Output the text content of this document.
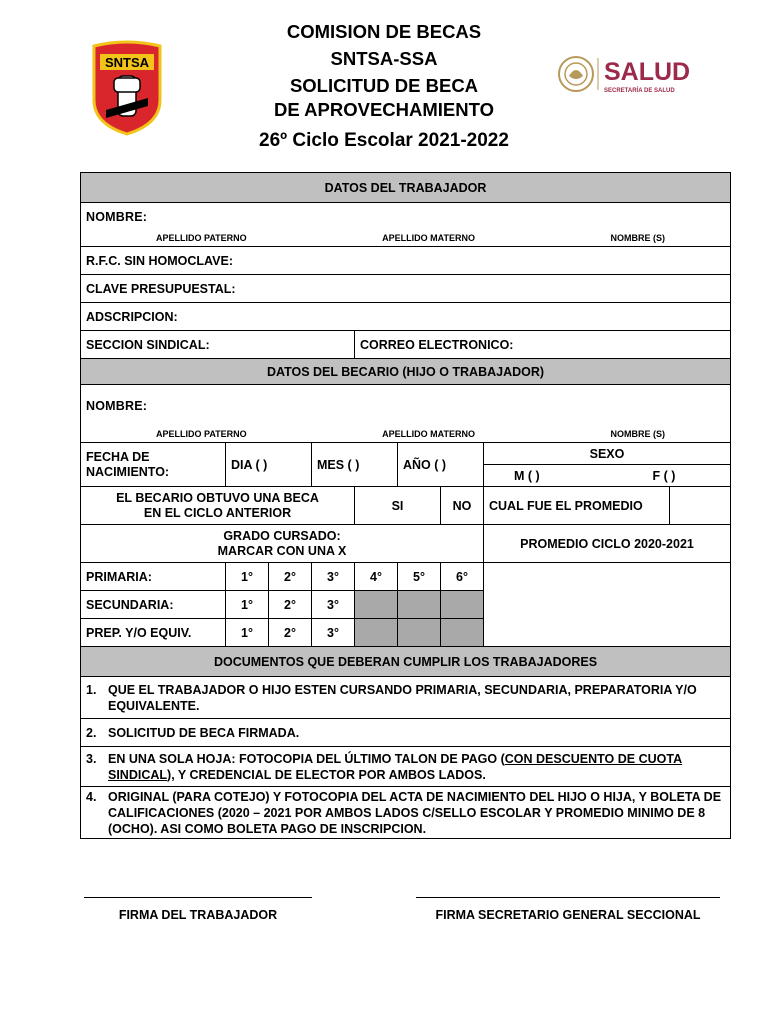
COMISION DE BECAS
SNTSA-SSA
SOLICITUD DE BECA
DE APROVECHAMIENTO
26º Ciclo Escolar 2021-2022
SNTSA	SALUD
SECRETARÍA DE SALUD
DATOS DEL TRABAJADOR								
NOMBRE:								

APELLIDO PATERNO APELLIDO MATERNO NOMBRE (S)								

R.F.C. SIN HOMOCLAVE:								
CLAVE PRESUPUESTAL:								
ADSCRIPCION:								
SECCION SINDICAL:				CORREO ELECTRONICO:				
DATOS DEL BECARIO (HIJO O TRABAJADOR)								
NOMBRE:								

APELLIDO PATERNO APELLIDO MATERNO NOMBRE (S)								

FECHA DE
NACIMIENTO:	DIA ( )		MES ( )		AÑO ( )		SEXO	
							M ( ) F ( )	

EL BECARIO OBTUVO UNA BECA
EN EL CICLO ANTERIOR				SI		NO	CUAL FUE EL PROMEDIO	

GRADO CURSADO:
MARCAR CON UNA X							PROMEDIO CICLO 2020-2021	
PRIMARIA:	1°	2°	3°	4°	5°	6°		
SECUNDARIA:	1°	2°	3°					
PREP. Y/O EQUIV.	1°	2°	3°					
DOCUMENTOS QUE DEBERAN CUMPLIR LOS TRABAJADORES								

1. QUE EL TRABAJADOR O HIJO ESTEN CURSANDO PRIMARIA, SECUNDARIA, PREPARATORIA Y/O EQUIVALENTE.								

2. SOLICITUD DE BECA FIRMADA.								

3. EN UNA SOLA HOJA: FOTOCOPIA DEL ÚLTIMO TALON DE PAGO (CON DESCUENTO DE CUOTA SINDICAL), Y CREDENCIAL DE ELECTOR POR AMBOS LADOS.								

4. ORIGINAL (PARA COTEJO) Y FOTOCOPIA DEL ACTA DE NACIMIENTO DEL HIJO O HIJA, Y BOLETA DE CALIFICACIONES (2020 – 2021 POR AMBOS LADOS C/SELLO ESCOLAR Y PROMEDIO MINIMO DE 8 (OCHO). ASI COMO BOLETA PAGO DE INSCRIPCION.								
FIRMA DEL TRABAJADOR	FIRMA SECRETARIO GENERAL SECCIONAL
